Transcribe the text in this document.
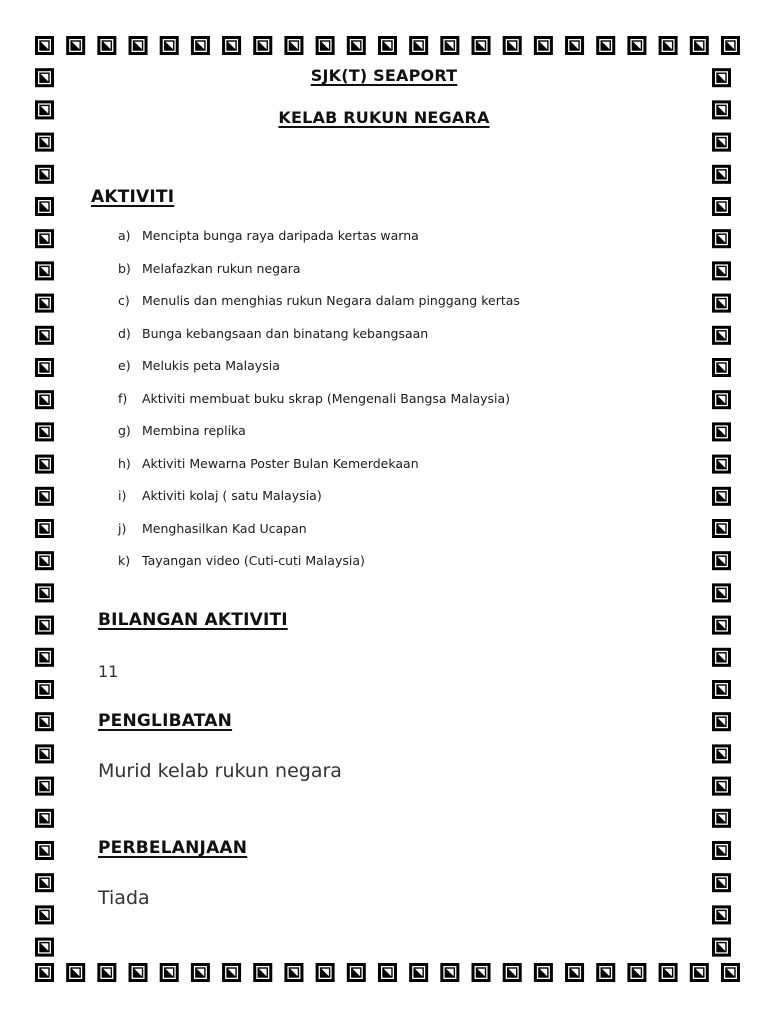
SJK(T) SEAPORT
KELAB RUKUN NEGARA
AKTIVITI
a) Mencipta bunga raya daripada kertas warna
b) Melafazkan rukun negara
c) Menulis dan menghias rukun Negara dalam pinggang kertas
d) Bunga kebangsaan dan binatang kebangsaan
e) Melukis peta Malaysia
f) Aktiviti membuat buku skrap (Mengenali Bangsa Malaysia)
g) Membina replika
h) Aktiviti Mewarna Poster Bulan Kemerdekaan
i) Aktiviti kolaj ( satu Malaysia)
j) Menghasilkan Kad Ucapan
k) Tayangan video (Cuti-cuti Malaysia)
BILANGAN AKTIVITI

11

PENGLIBATAN

Murid kelab rukun negara

PERBELANJAAN

Tiada
